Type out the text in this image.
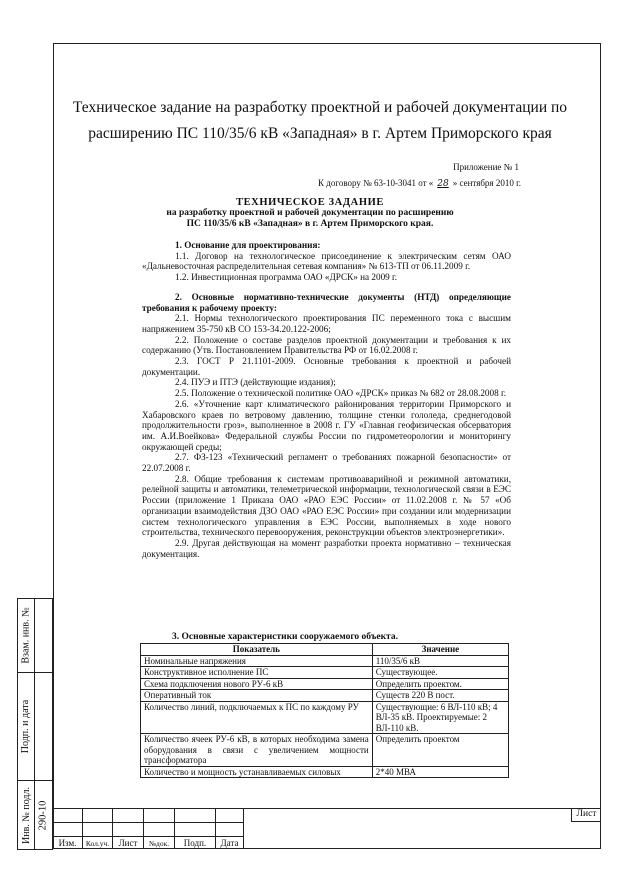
Техническое задание на разработку проектной и рабочей документации по
расширению ПС 110/35/6 кВ «Западная» в г. Артем Приморского края
Приложение № 1
К договору № 63-10-3041 от « 28 » сентября 2010 г.
ТЕХНИЧЕСКОЕ ЗАДАНИЕ
на разработку проектной и рабочей документации по расширению
ПС 110/35/6 кВ «Западная» в г. Артем Приморского края.

1. Основание для проектирования:

1.1. Договор на технологическое присоединение к электрическим сетям ОАО «Дальневосточная распределительная сетевая компания» № 613-ТП от 06.11.2009 г.

1.2. Инвестиционная программа ОАО «ДРСК» на 2009 г.

2. Основные нормативно-технические документы (НТД) определяющие требования к рабочему проекту:

2.1. Нормы технологического проектирования ПС переменного тока с высшим напряжением 35-750 кВ СО 153-34.20.122-2006;

2.2. Положение о составе разделов проектной документации и требования к их содержанию (Утв. Постановлением Правительства РФ от 16.02.2008 г.

2.3. ГОСТ Р 21.1101-2009. Основные требования к проектной и рабочей документации.

2.4. ПУЭ и ПТЭ (действующие издания);

2.5. Положение о технической политике ОАО «ДРСК» приказ № 682 от 28.08.2008 г.

2.6. «Уточнение карт климатического районирования территории Приморского и Хабаровского краев по ветровому давлению, толщине стенки гололеда, среднегодовой продолжительности гроз», выполненное в 2008 г. ГУ «Главная геофизическая обсерватория им. А.И.Воейкова» Федеральной службы России по гидрометеорологии и мониторингу окружающей среды;

2.7. ФЗ-123 «Технический регламент о требованиях пожарной безопасности» от 22.07.2008 г.

2.8. Общие требования к системам противоаварийной и режимной автоматики, релейной защиты и автоматики, телеметрической информации, технологической связи в ЕЭС России (приложение 1 Приказа ОАО «РАО ЕЭС России» от 11.02.2008 г. № 57 «Об организации взаимодействия ДЗО ОАО «РАО ЕЭС России» при создании или модернизации систем технологического управления в ЕЭС России, выполняемых в ходе нового строительства, технического перевооружения, реконструкции объектов электроэнергетики».

2.9. Другая действующая на момент разработки проекта нормативно – техническая документация.

3. Основные характеристики сооружаемого объекта.
Показатель	Значение
Номинальные напряжения	110/35/6 кВ
Конструктивное исполнение ПС	Существующее.
Схема подключения нового РУ-6 кВ	Определить проектом.
Оперативный ток	Существ 220 В пост.
Количество линий, подключаемых к ПС по каждому РУ	Существующие: 6 ВЛ-110 кВ; 4 ВЛ-35 кВ. Проектируемые: 2 ВЛ-110 кВ.
Количество ячеек РУ-6 кВ, в которых необходима замена оборудования в связи с увеличением мощности трансформатора	Определить проектом
Количество и мощность устанавливаемых силовых	2*40 МВА
Взам. инв. №
Подп. и дата
Инв. № подл. 290-10
Изм.	Кол.уч.	Лист	№док.	Подп.	Дата
Лист
